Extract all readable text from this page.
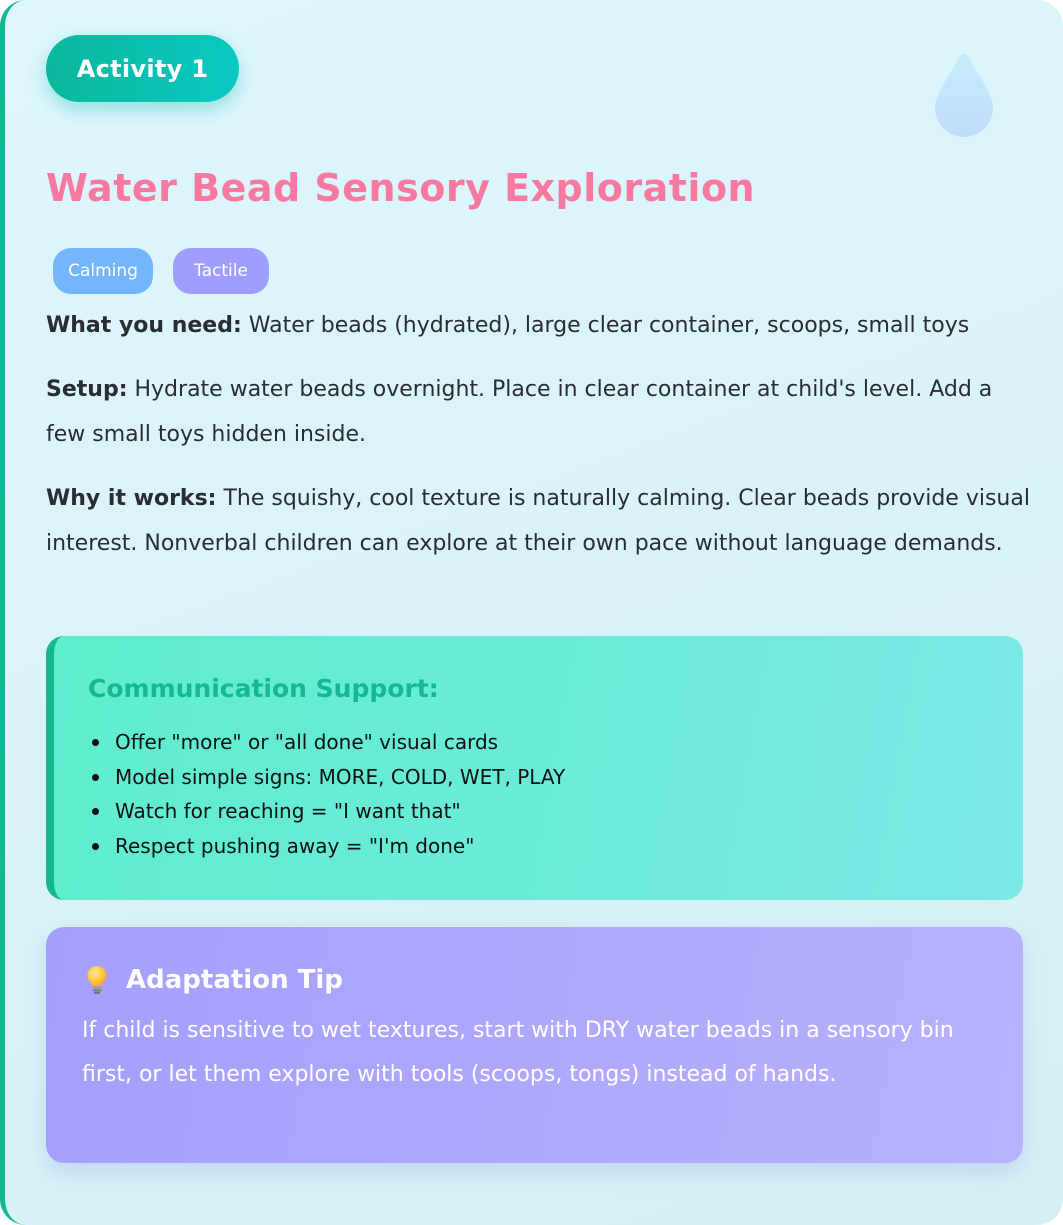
Activity 1
Water Bead Sensory Exploration
Calming	Tactile

What you need: Water beads (hydrated), large clear container, scoops, small toys

Setup: Hydrate water beads overnight. Place in clear container at child's level. Add a few small toys hidden inside.

Why it works: The squishy, cool texture is naturally calming. Clear beads provide visual interest. Nonverbal children can explore at their own pace without language demands.

Communication Support:
Offer "more" or "all done" visual cards
Model simple signs: MORE, COLD, WET, PLAY
Watch for reaching = "I want that"
Respect pushing away = "I'm done"
Adaptation Tip

If child is sensitive to wet textures, start with DRY water beads in a sensory bin first, or let them explore with tools (scoops, tongs) instead of hands.
